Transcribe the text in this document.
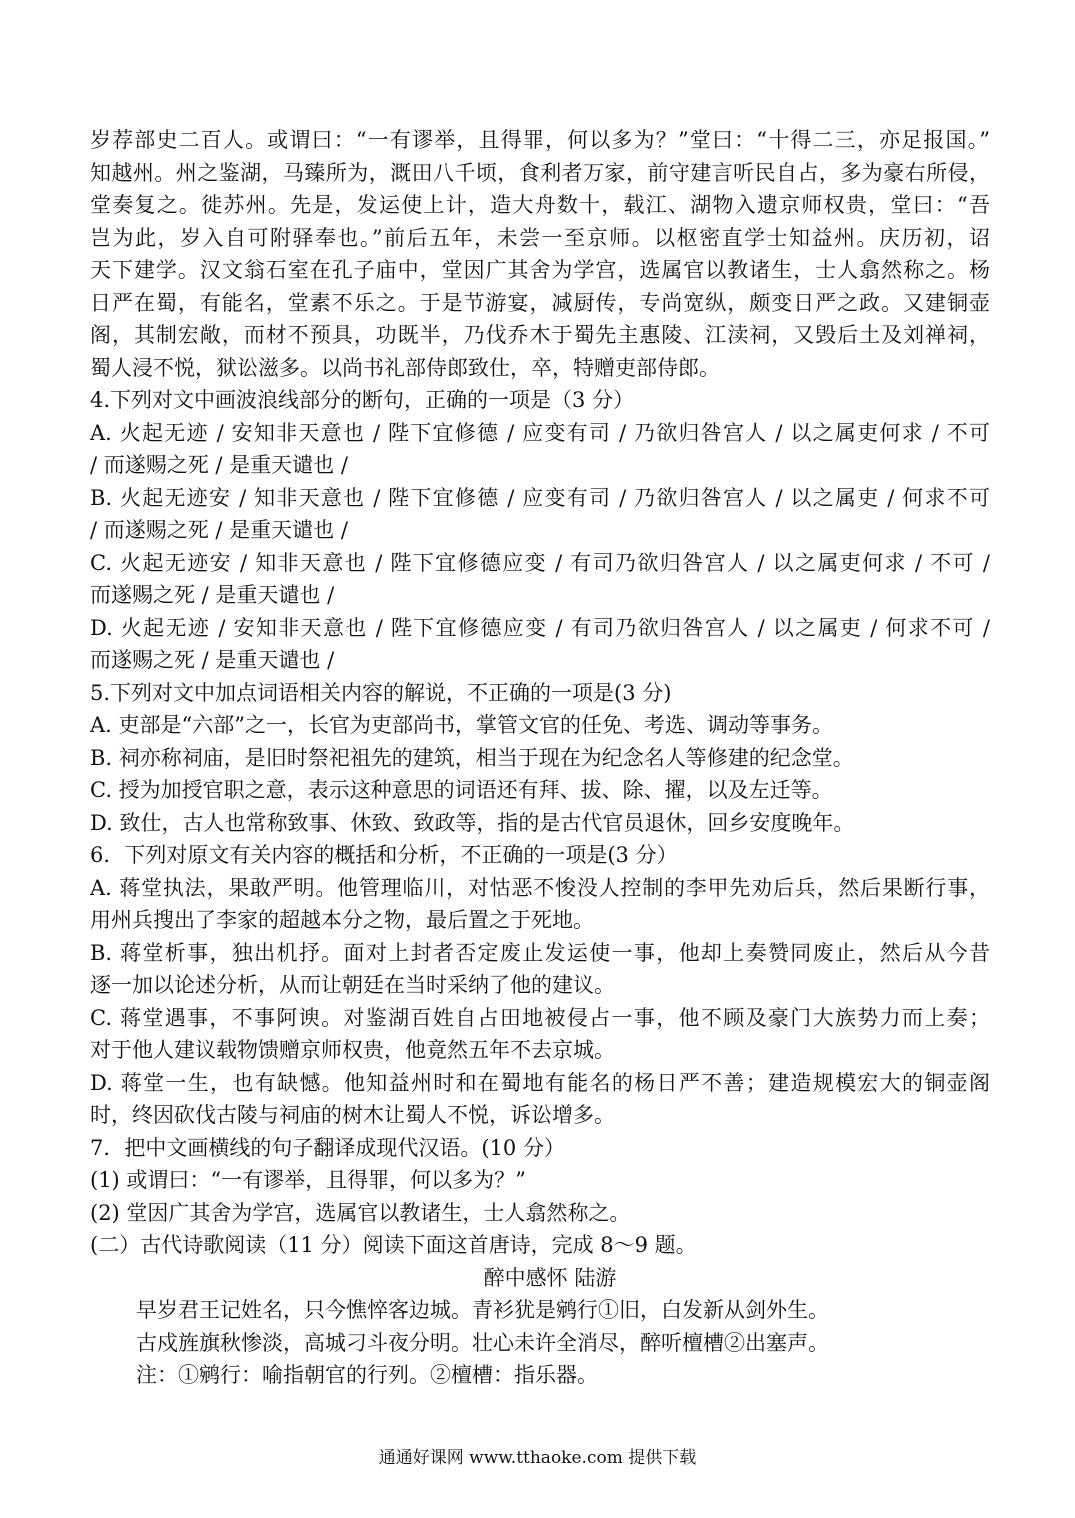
岁荐部史二百人。或谓曰：“一有谬举，且得罪，何以多为？”堂曰：“十得二三，亦足报国。”
知越州。州之鉴湖，马臻所为，溉田八千顷，食利者万家，前守建言听民自占，多为豪右所侵，
堂奏复之。徙苏州。先是，发运使上计，造大舟数十，载江、湖物入遗京师权贵，堂曰：“吾
岂为此，岁入自可附驿奉也。”前后五年，未尝一至京师。以枢密直学士知益州。庆历初，诏
天下建学。汉文翁石室在孔子庙中，堂因广其舍为学宫，选属官以教诸生，士人翕然称之。杨
日严在蜀，有能名，堂素不乐之。于是节游宴，减厨传，专尚宽纵，颇变日严之政。又建铜壶
阁，其制宏敞，而材不预具，功既半，乃伐乔木于蜀先主惠陵、江渎祠，又毁后土及刘禅祠，
蜀人浸不悦，狱讼滋多。以尚书礼部侍郎致仕，卒，特赠吏部侍郎。
4.下列对文中画波浪线部分的断句，正确的一项是（3 分）
A. 火起无迹 / 安知非天意也 / 陛下宜修德 / 应变有司 / 乃欲归咎宫人 / 以之属吏何求 / 不可
/ 而遂赐之死 / 是重天谴也 /
B. 火起无迹安 / 知非天意也 / 陛下宜修德 / 应变有司 / 乃欲归咎宫人 / 以之属吏 / 何求不可
/ 而遂赐之死 / 是重天谴也 /
C. 火起无迹安 / 知非天意也 / 陛下宜修德应变 / 有司乃欲归咎宫人 / 以之属吏何求 / 不可 /
而遂赐之死 / 是重天谴也 /
D. 火起无迹 / 安知非天意也 / 陛下宜修德应变 / 有司乃欲归咎宫人 / 以之属吏 / 何求不可 /
而遂赐之死 / 是重天谴也 /
5.下列对文中加点词语相关内容的解说，不正确的一项是(3 分)
A. 吏部是“六部”之一，长官为吏部尚书，掌管文官的任免、考选、调动等事务。
B. 祠亦称祠庙，是旧时祭祀祖先的建筑，相当于现在为纪念名人等修建的纪念堂。
C. 授为加授官职之意，表示这种意思的词语还有拜、拔、除、擢，以及左迁等。
D. 致仕，古人也常称致事、休致、致政等，指的是古代官员退休，回乡安度晚年。
6．下列对原文有关内容的概括和分析，不正确的一项是(3 分）
A. 蒋堂执法，果敢严明。他管理临川，对怙恶不悛没人控制的李甲先劝后兵，然后果断行事，
用州兵搜出了李家的超越本分之物，最后置之于死地。
B. 蒋堂析事，独出机抒。面对上封者否定废止发运使一事，他却上奏赞同废止，然后从今昔
逐一加以论述分析，从而让朝廷在当时采纳了他的建议。
C. 蒋堂遇事，不事阿谀。对鉴湖百姓自占田地被侵占一事，他不顾及豪门大族势力而上奏；
对于他人建议载物馈赠京师权贵，他竟然五年不去京城。
D. 蒋堂一生，也有缺憾。他知益州时和在蜀地有能名的杨日严不善；建造规模宏大的铜壶阁
时，终因砍伐古陵与祠庙的树木让蜀人不悦，诉讼增多。
7．把中文画横线的句子翻译成现代汉语。(10 分）
(1) 或谓曰：“一有谬举，且得罪，何以多为？”
(2) 堂因广其舍为学宫，选属官以教诸生，士人翕然称之。
(二）古代诗歌阅读（11 分）阅读下面这首唐诗，完成 8～9 题。
醉中感怀 陆游
早岁君王记姓名，只今憔悴客边城。青衫犹是鹓行①旧，白发新从剑外生。
古戍旌旗秋惨淡，高城刁斗夜分明。壮心未许全消尽，醉听檀槽②出塞声。
注：①鹓行：喻指朝官的行列。②檀槽：指乐器。
通通好课网 www.tthaoke.com 提供下载
